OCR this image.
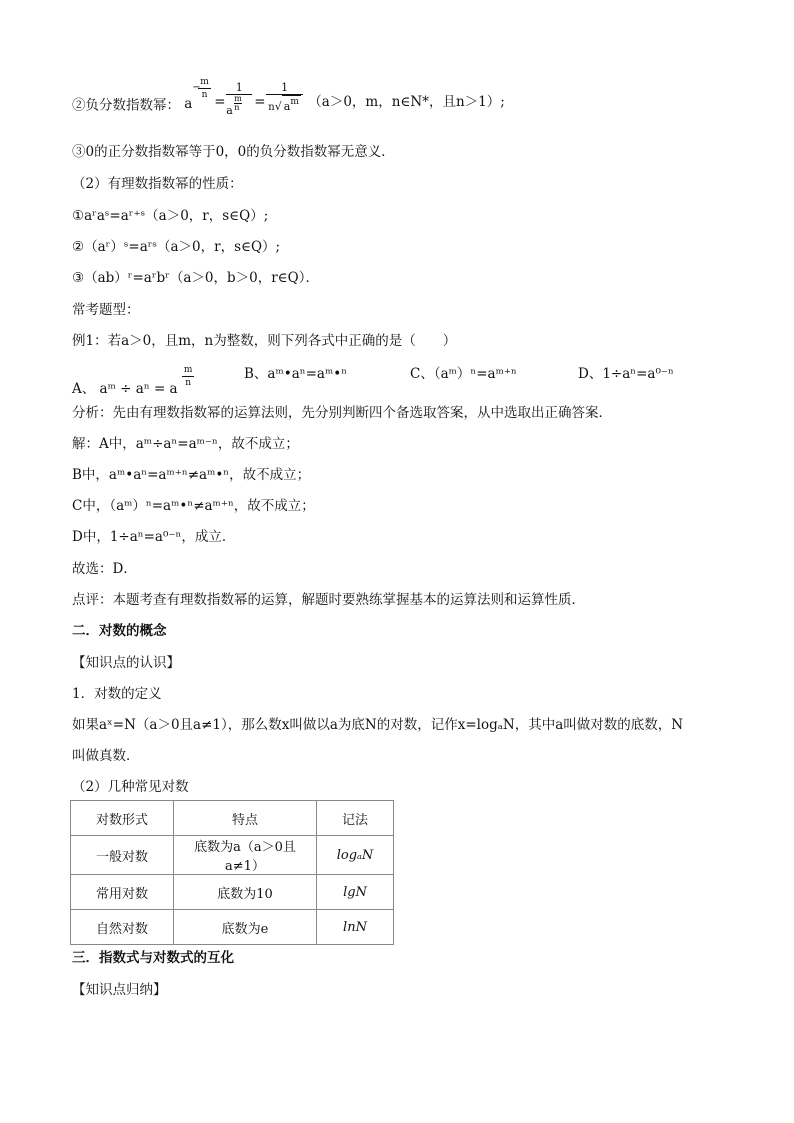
②负分数指数幂： a
−
$\frac{m}{n}$
= 1
a
m
$n = \frac{1}{n√ a^m} (a>0$，m，n∈N*，且n＞1）;
③0的正分数指数幂等于0，0的负分数指数幂无意义．
（2）有理数指数幂的性质：
①aʳaˢ=aʳ⁺ˢ（a＞0，r，s∈Q）;
②（aʳ）ˢ=aʳˢ（a＞0，r，s∈Q）;
③（ab）ʳ=aʳbʳ（a＞0，b＞0，r∈Q）．
常考题型：
例1：若a＞0，且m，n为整数，则下列各式中正确的是（　　）
A、 aᵐ ÷ aⁿ = a $\frac{m}{n}$	B、aᵐ•aⁿ=aᵐ•ⁿ	C、（aᵐ）ⁿ=aᵐ⁺ⁿ	D、1÷aⁿ=a⁰⁻ⁿ
分析：先由有理数指数幂的运算法则，先分别判断四个备选取答案，从中选取出正确答案．
解：A中，aᵐ÷aⁿ=aᵐ⁻ⁿ，故不成立；
B中，aᵐ•aⁿ=aᵐ⁺ⁿ≠aᵐ•ⁿ，故不成立；
C中，（aᵐ）ⁿ=aᵐ•ⁿ≠aᵐ⁺ⁿ，故不成立；
D中，1÷aⁿ=a⁰⁻ⁿ，成立．
故选：D．
点评：本题考查有理数指数幂的运算，解题时要熟练掌握基本的运算法则和运算性质．
二．对数的概念
【知识点的认识】
1．对数的定义
如果aˣ=N（a＞0且a≠1），那么数x叫做以a为底N的对数，记作x=logₐN，其中a叫做对数的底数，N
叫做真数．
（2）几种常见对数
对数形式	特点	记法
一般对数	底数为a（a＞0且a≠1）	logₐN
常用对数	底数为10	lgN
自然对数	底数为e	lnN
三．指数式与对数式的互化
【知识点归纳】
